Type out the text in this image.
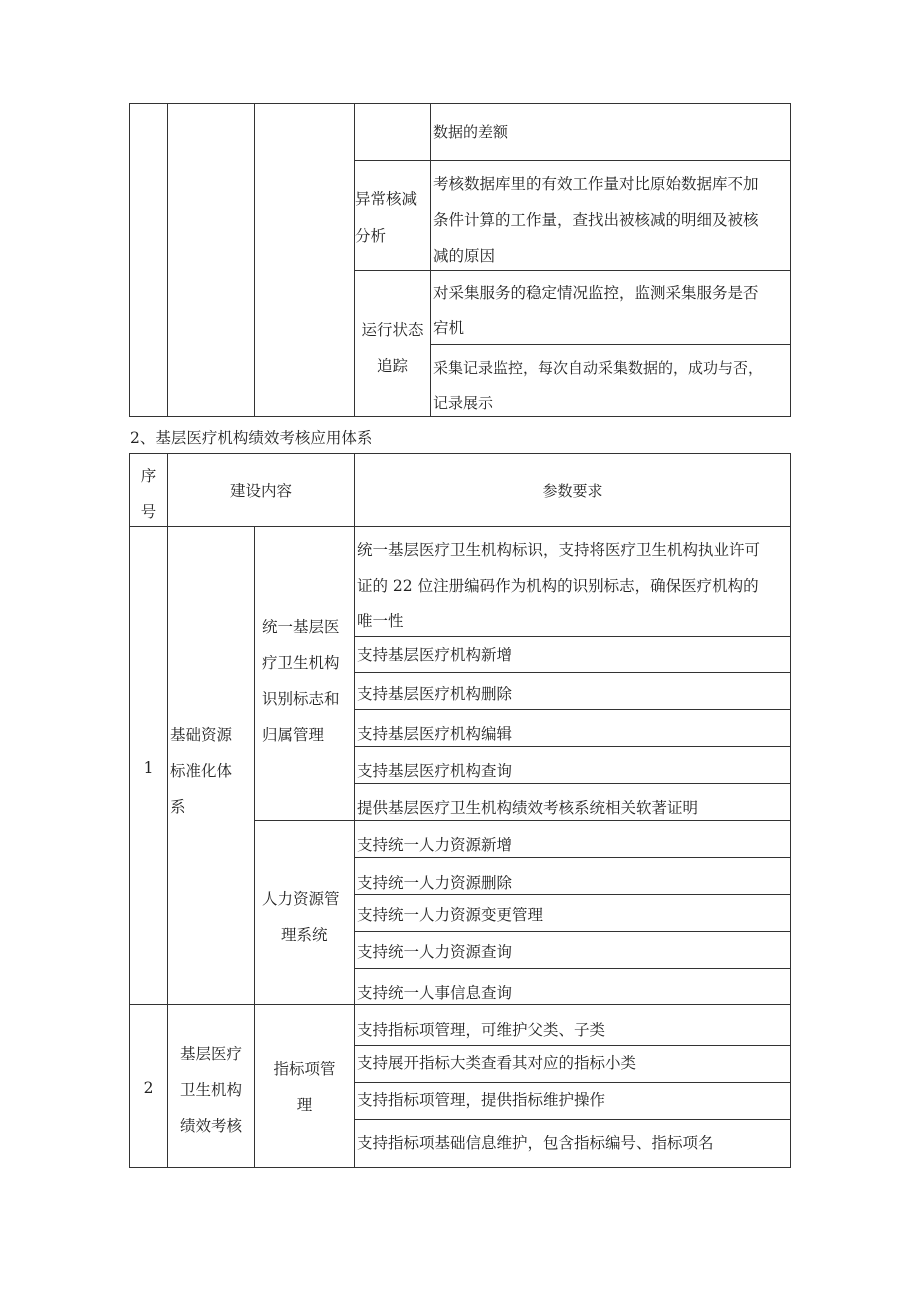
数据的差额
异常核减
分析
考核数据库里的有效工作量对比原始数据库不加
条件计算的工作量，查找出被核减的明细及被核
减的原因
运行状态
追踪
对采集服务的稳定情况监控，监测采集服务是否
宕机
采集记录监控，每次自动采集数据的，成功与否，
记录展示
2、基层医疗机构绩效考核应用体系
序
号
建设内容	参数要求
1
基础资源
标准化体
系
统一基层医
疗卫生机构
识别标志和
归属管理
统一基层医疗卫生机构标识，支持将医疗卫生机构执业许可
证的 22 位注册编码作为机构的识别标志，确保医疗机构的
唯一性
支持基层医疗机构新增
支持基层医疗机构删除
支持基层医疗机构编辑
支持基层医疗机构查询
提供基层医疗卫生机构绩效考核系统相关软著证明
人力资源管
理系统
支持统一人力资源新增
支持统一人力资源删除
支持统一人力资源变更管理
支持统一人力资源查询
支持统一人事信息查询
2
基层医疗
卫生机构
绩效考核
指标项管
理
支持指标项管理，可维护父类、子类
支持展开指标大类查看其对应的指标小类
支持指标项管理，提供指标维护操作
支持指标项基础信息维护，包含指标编号、指标项名
